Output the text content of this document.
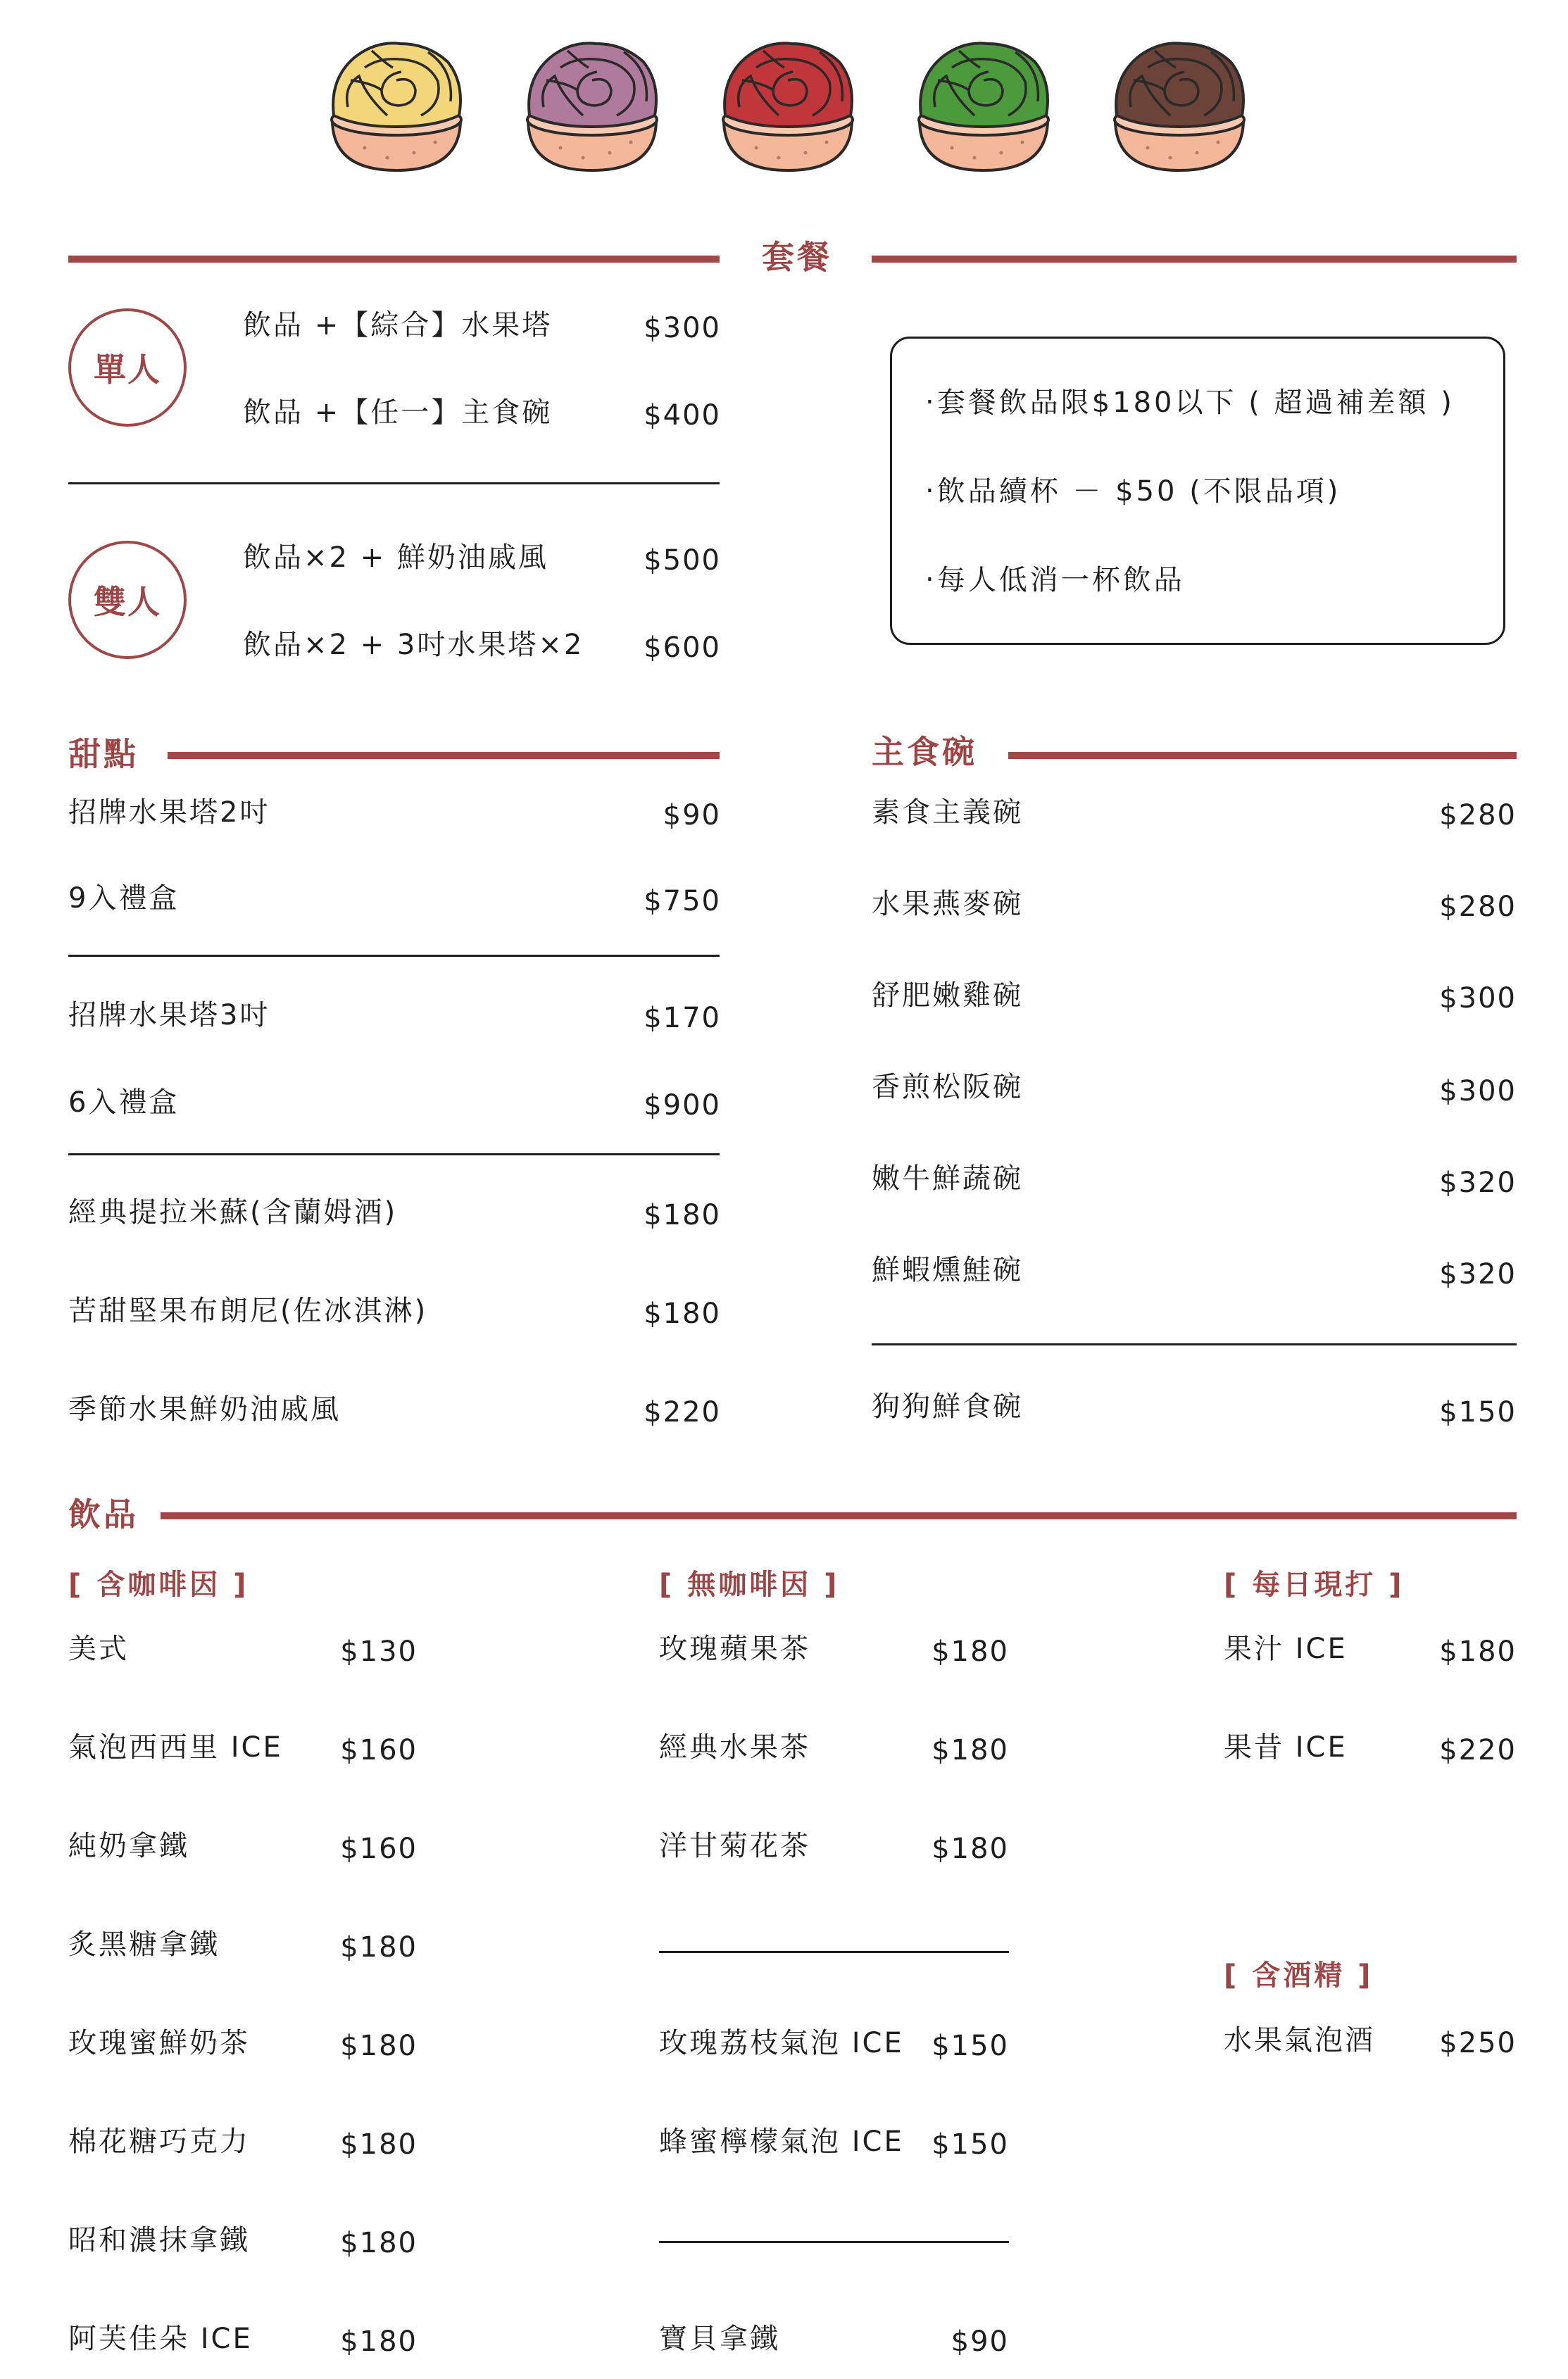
套餐
單人
飲品 +【綜合】水果塔	$300
飲品 +【任一】主食碗	$400
雙人
飲品×2 + 鮮奶油戚風	$500
飲品×2 + 3吋水果塔×2 $600
‧套餐飲品限$180以下 ( 超過補差額 )
‧飲品續杯 － $50 (不限品項)
‧每人低消一杯飲品
甜點
招牌水果塔2吋	$90
9入禮盒	$750
招牌水果塔3吋	$170
6入禮盒	$900
經典提拉米蘇(含蘭姆酒)	$180
苦甜堅果布朗尼(佐冰淇淋)	$180
季節水果鮮奶油戚風	$220
主食碗
素食主義碗	$280
水果燕麥碗	$280
舒肥嫩雞碗	$300
香煎松阪碗	$300
嫩牛鮮蔬碗	$320
鮮蝦燻鮭碗	$320
狗狗鮮食碗	$150
飲品
[ 含咖啡因 ]
美式	$130
氣泡西西里 ICE $160
純奶拿鐵	$160
炙黑糖拿鐵	$180
玫瑰蜜鮮奶茶	$180
棉花糖巧克力	$180
昭和濃抹拿鐵	$180
阿芙佳朵 ICE	$180
[ 無咖啡因 ]
玫瑰蘋果茶	$180
經典水果茶	$180
洋甘菊花茶	$180
玫瑰荔枝氣泡 ICE $150
蜂蜜檸檬氣泡 ICE $150
寶貝拿鐵	$90
[ 每日現打 ]
果汁 ICE	$180
果昔 ICE	$220
[ 含酒精 ]
水果氣泡酒 $250
